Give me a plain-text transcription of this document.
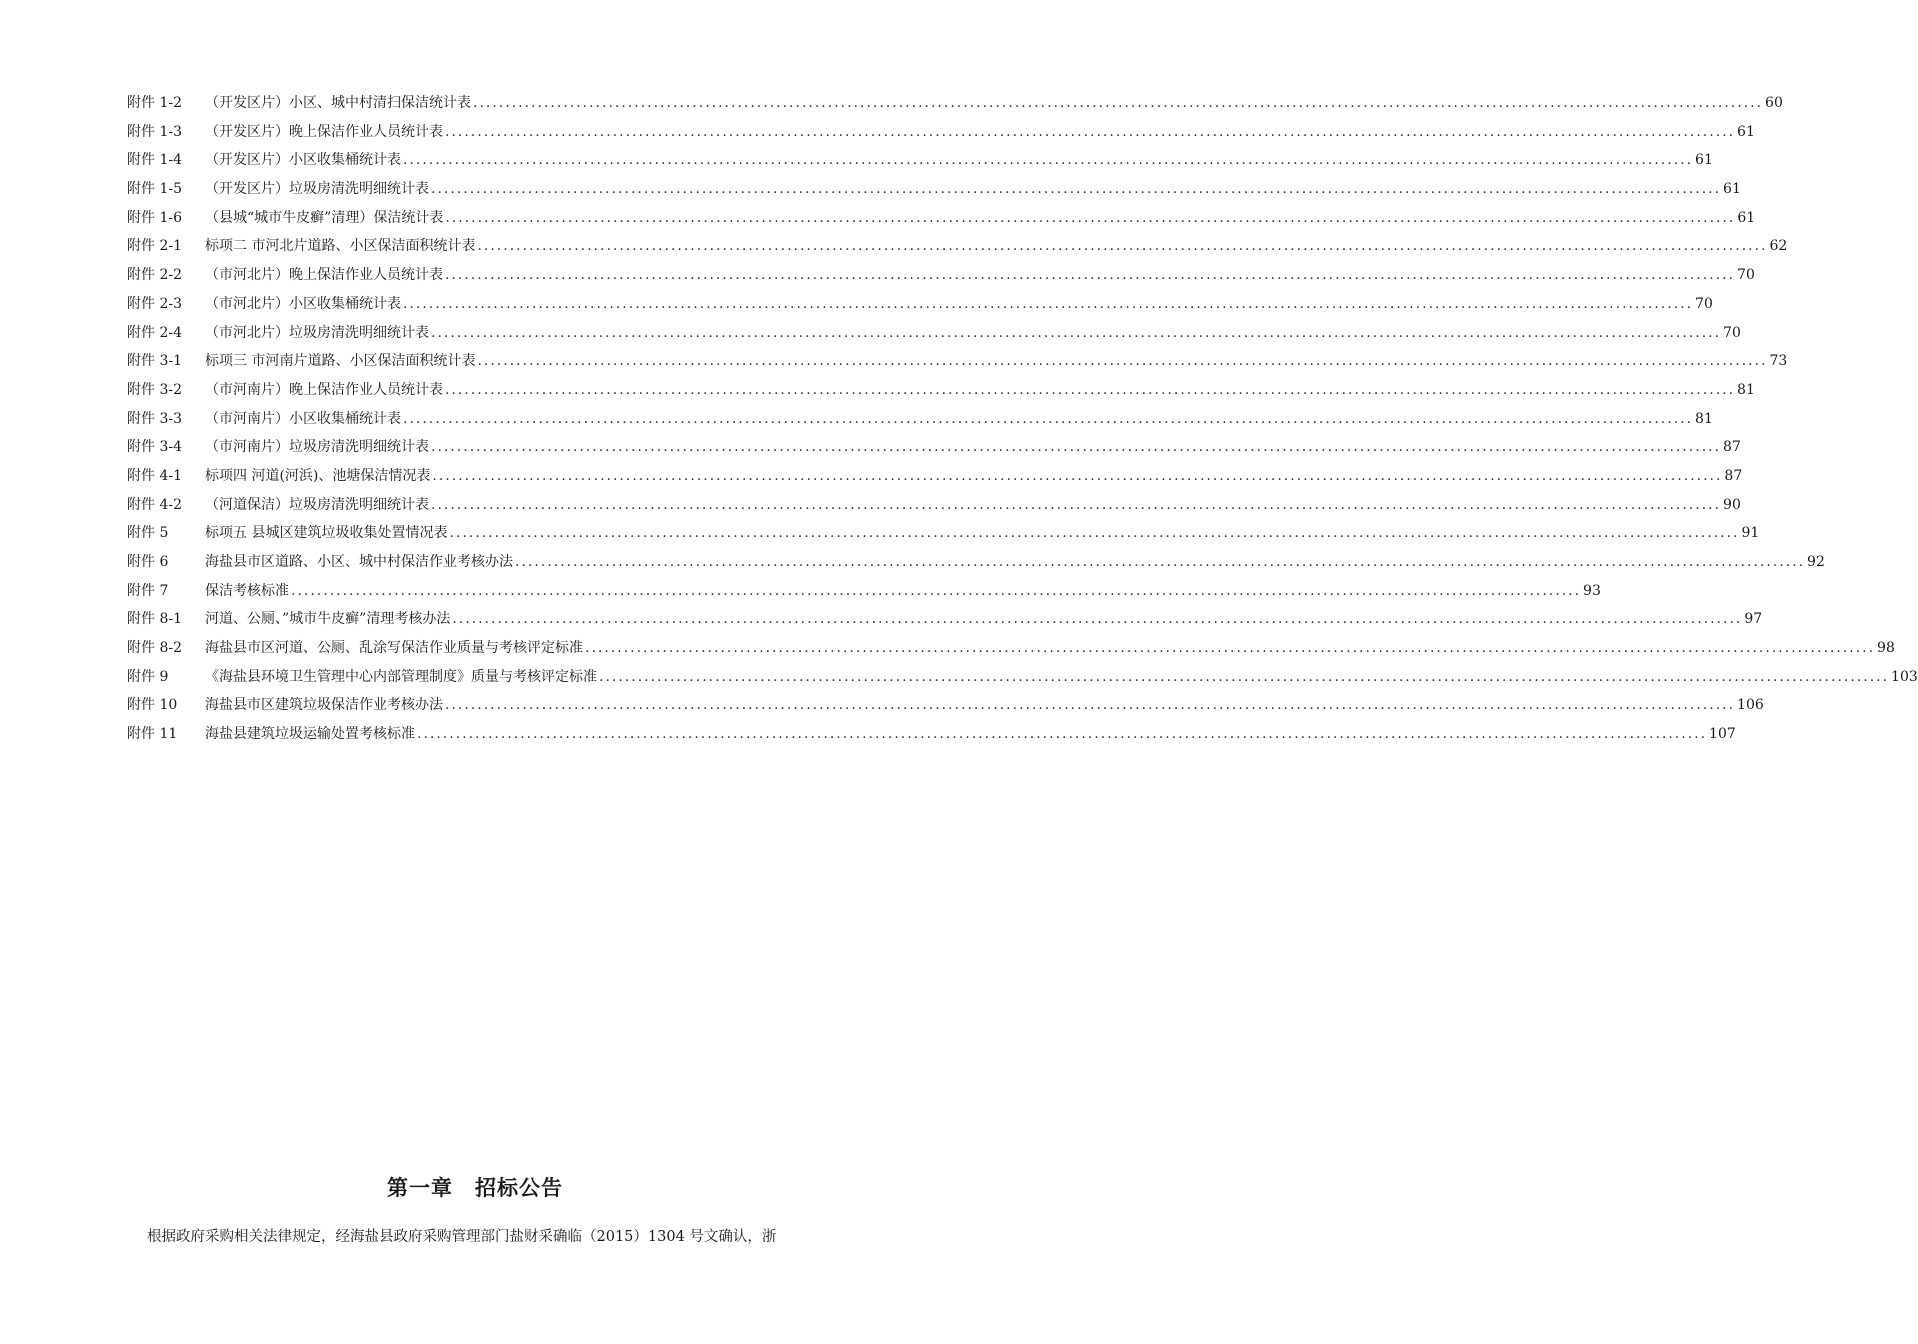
附件 1-2	（开发区片）小区、城中村清扫保洁统计表 .....	60
附件 1-3	（开发区片）晚上保洁作业人员统计表 .....	61
附件 1-4	（开发区片）小区收集桶统计表 .....	61
附件 1-5	（开发区片）垃圾房清洗明细统计表 .....	61
附件 1-6	（县城“城市牛皮癣”清理）保洁统计表 .....	61
附件 2-1	标项二 市河北片道路、小区保洁面积统计表 .....	62
附件 2-2	（市河北片）晚上保洁作业人员统计表 .....	70
附件 2-3	（市河北片）小区收集桶统计表 .....	70
附件 2-4	（市河北片）垃圾房清洗明细统计表 .....	70
附件 3-1	标项三 市河南片道路、小区保洁面积统计表 .....	73
附件 3-2	（市河南片）晚上保洁作业人员统计表 .....	81
附件 3-3	（市河南片）小区收集桶统计表 .....	81
附件 3-4	（市河南片）垃圾房清洗明细统计表 .....	87
附件 4-1	标项四 河道(河浜)、池塘保洁情况表 .....	87
附件 4-2	（河道保洁）垃圾房清洗明细统计表 .....	90
附件 5	标项五 县城区建筑垃圾收集处置情况表 .....	91
附件 6	海盐县市区道路、小区、城中村保洁作业考核办法 .....	92
附件 7	保洁考核标准 .....	93
附件 8-1	河道、公厕、”城市牛皮癣”清理考核办法 .....	97
附件 8-2	海盐县市区河道、公厕、乱涂写保洁作业质量与考核评定标准 .....	98
附件 9	《海盐县环境卫生管理中心内部管理制度》质量与考核评定标准 .....	103
附件 10	海盐县市区建筑垃圾保洁作业考核办法 .....	106
附件 11	海盐县建筑垃圾运输处置考核标准 .....	107
第一章　招标公告
根据政府采购相关法律规定，经海盐县政府采购管理部门盐财采确临（2015）1304 号文确认，浙
